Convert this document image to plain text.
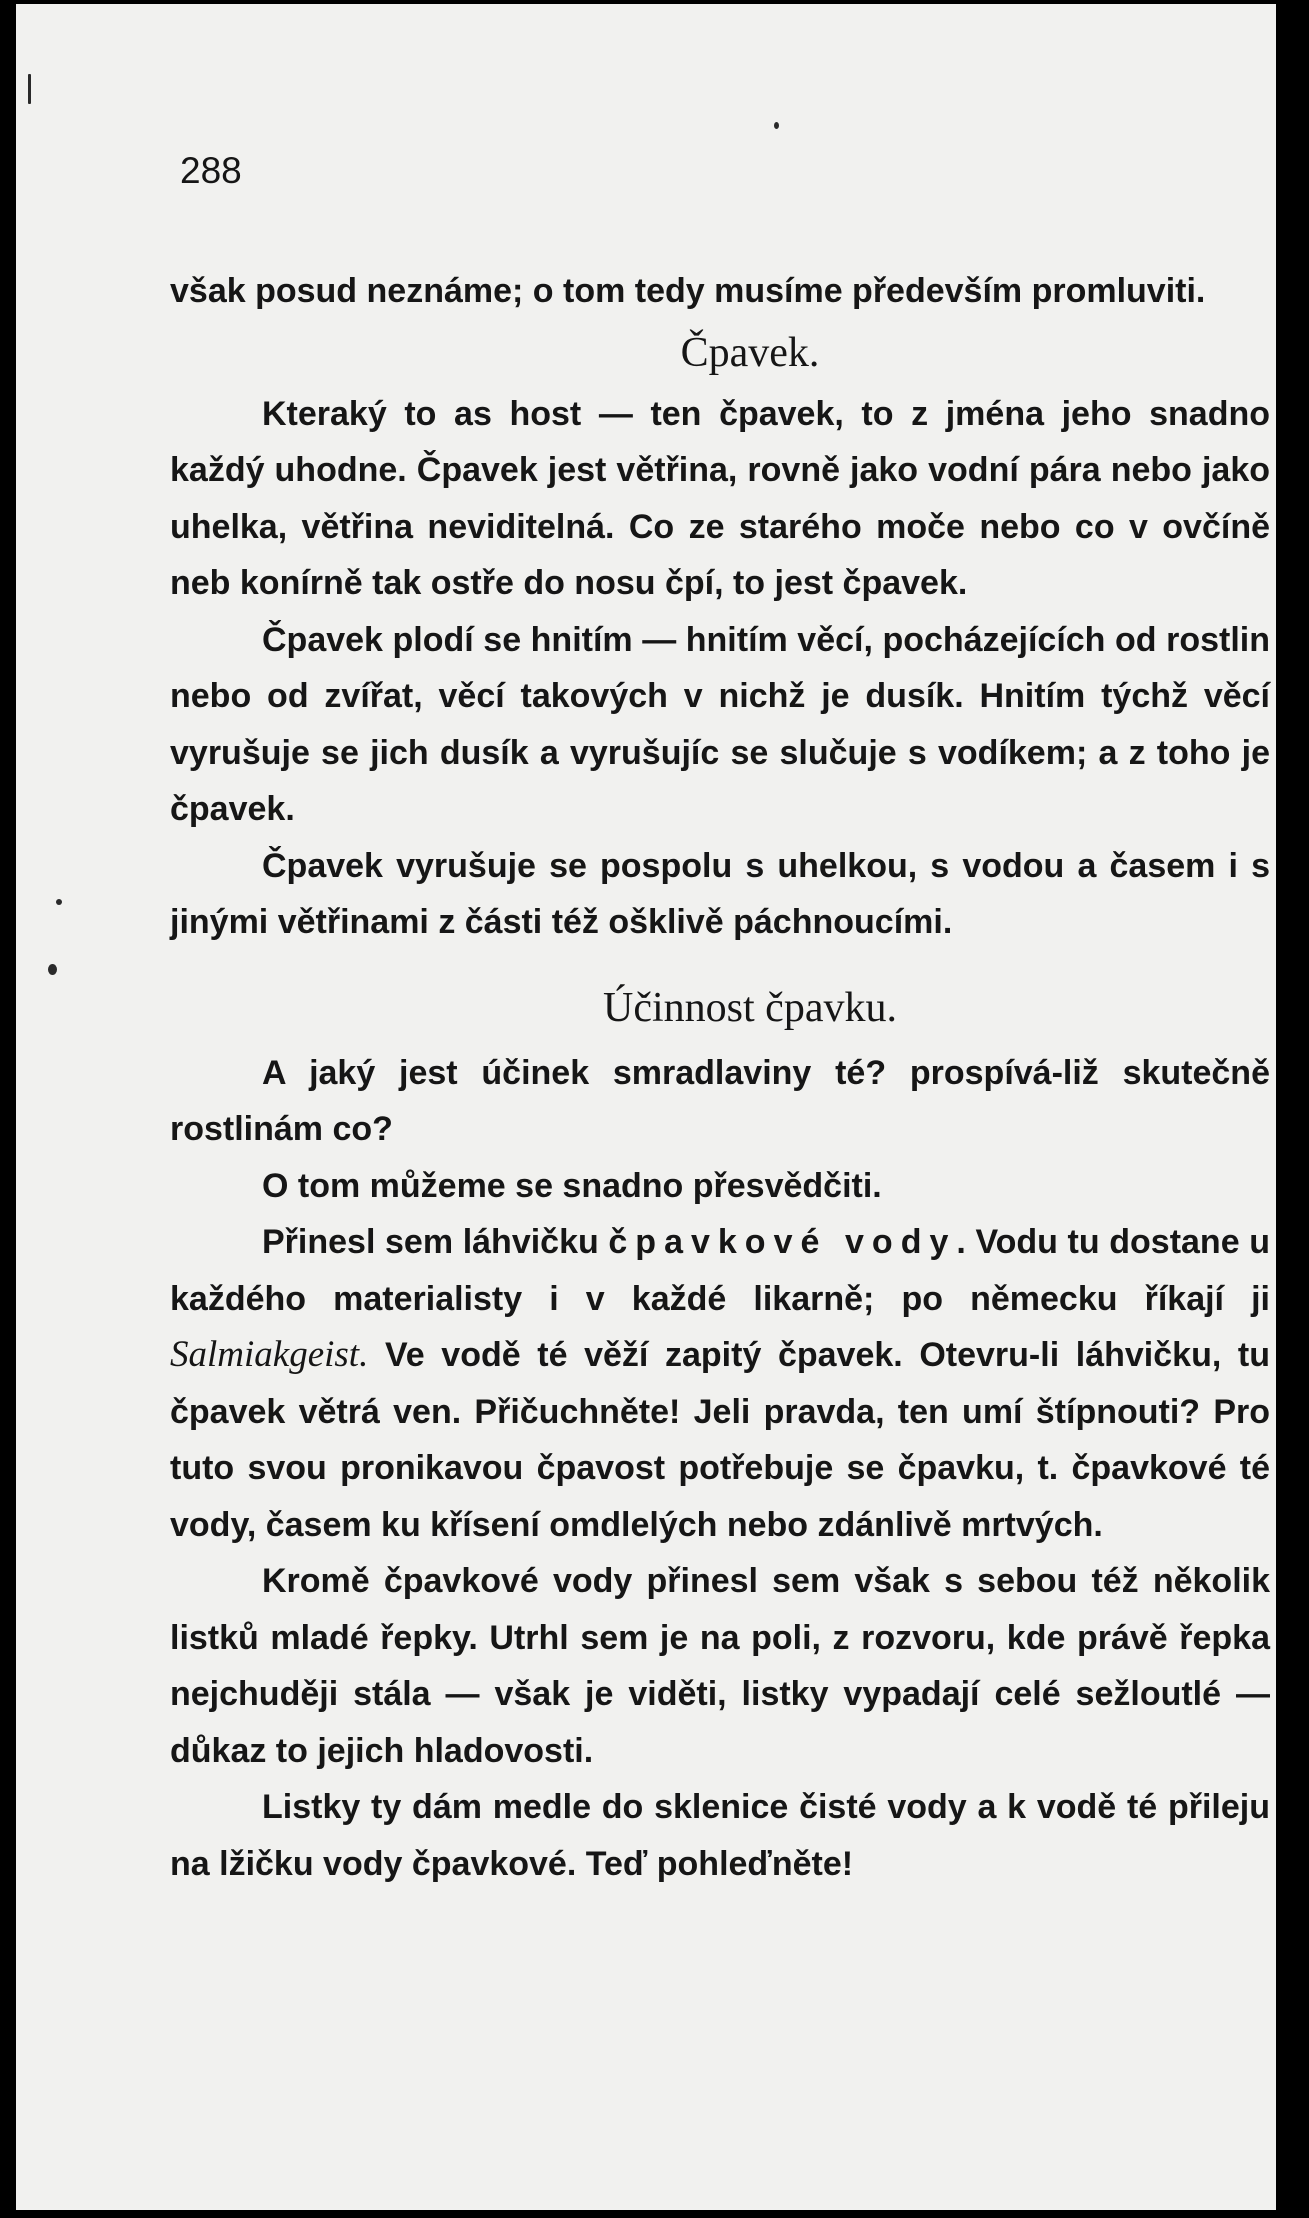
288

však posud neznáme; o tom tedy musíme především promluviti.

Čpavek.

Kteraký to as host — ten čpavek, to z jména jeho snadno každý uhodne. Čpavek jest větřina, rovně jako vodní pára nebo jako uhelka, větřina neviditelná. Co ze starého moče nebo co v ovčíně neb konírně tak ostře do nosu čpí, to jest čpavek.

Čpavek plodí se hnitím — hnitím věcí, pocházejících od rostlin nebo od zvířat, věcí takových v nichž je dusík. Hnitím týchž věcí vyrušuje se jich dusík a vyrušujíc se slučuje s vodíkem; a z toho je čpavek.

Čpavek vyrušuje se pospolu s uhelkou, s vodou a časem i s jinými větřinami z části též ošklivě páchnoucími.

Účinnost čpavku.

A jaký jest účinek smradlaviny té? prospívá-liž skutečně rostlinám co?

O tom můžeme se snadno přesvědčiti.

Přinesl sem láhvičku čpavkové vody. Vodu tu dostane u každého materialisty i v každé likarně; po německu říkají ji Salmiakgeist. Ve vodě té věží zapitý čpavek. Otevru-li láhvičku, tu čpavek větrá ven. Přičuchněte! Jeli pravda, ten umí štípnouti? Pro tuto svou pronikavou čpavost potřebuje se čpavku, t. čpavkové té vody, časem ku křísení omdlelých nebo zdánlivě mrtvých.

Kromě čpavkové vody přinesl sem však s sebou též několik listků mladé řepky. Utrhl sem je na poli, z rozvoru, kde právě řepka nejchuději stála — však je viděti, listky vypadají celé sežloutlé — důkaz to jejich hladovosti.

Listky ty dám medle do sklenice čisté vody a k vodě té přileju na lžičku vody čpavkové. Teď pohleďněte!
